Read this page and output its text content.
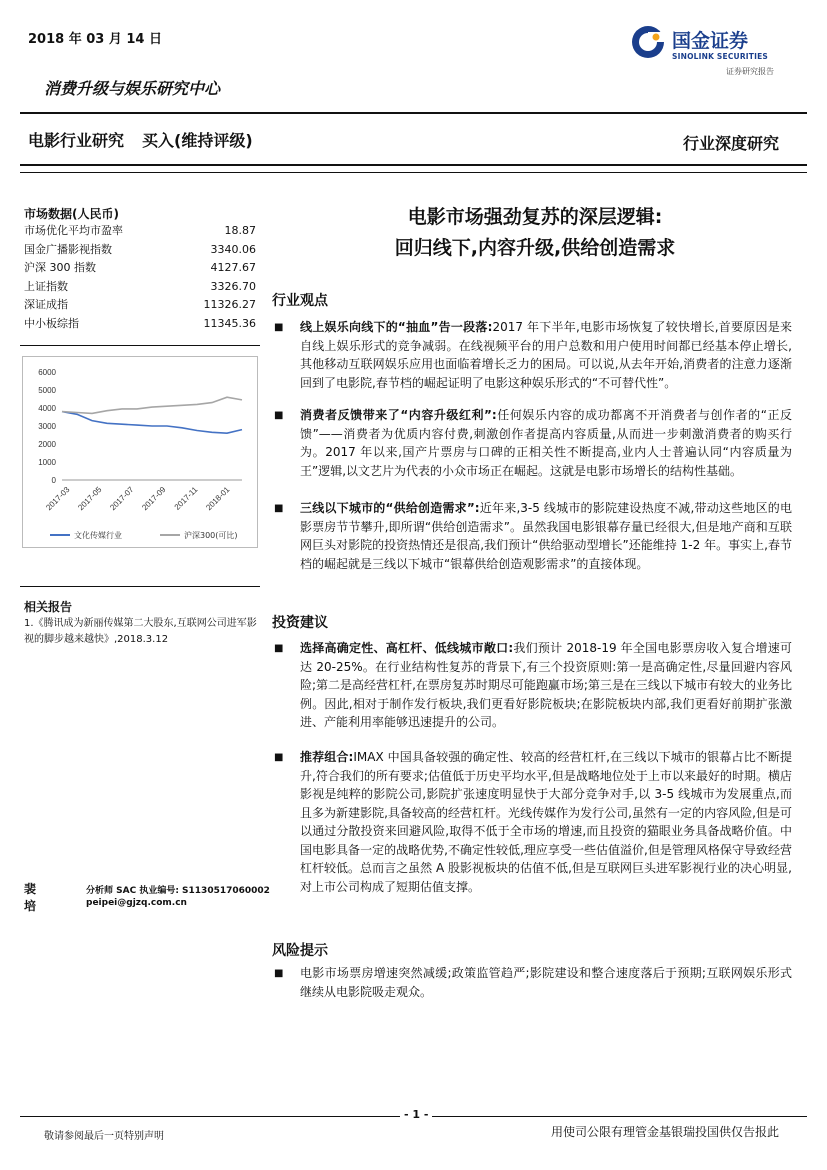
2018 年 03 月 14 日	国金证券
SINOLINK SECURITIES
证券研究报告
消费升级与娱乐研究中心
电影行业研究 买入(维持评级)	行业深度研究
市场数据(人民币)
市场优化平均市盈率	18.87
国金广播影视指数	3340.06
沪深 300 指数	4127.67
上证指数	3326.70
深证成指	11326.27
中小板综指	11345.36
0
1000
2000
3000
4000
5000
6000
2017-03 2017-05 2017-07 2017-09 2017-11 2018-01
文化传媒行业	沪深300(可比)
相关报告
1.《腾讯成为新丽传媒第二大股东,互联网公司进军影视的脚步越来越快》,2018.3.12
裴培
分析师 SAC 执业编号: S1130517060002
peipei@gjzq.com.cn
电影市场强劲复苏的深层逻辑:
回归线下,内容升级,供给创造需求
行业观点
■ 线上娱乐向线下的“抽血”告一段落:2017 年下半年,电影市场恢复了较快增长,首要原因是来自线上娱乐形式的竞争减弱。在线视频平台的用户总数和用户使用时间都已经基本停止增长,其他移动互联网娱乐应用也面临着增长乏力的困局。可以说,从去年开始,消费者的注意力逐渐回到了电影院,春节档的崛起证明了电影这种娱乐形式的“不可替代性”。
■ 消费者反馈带来了“内容升级红利”:任何娱乐内容的成功都离不开消费者与创作者的“正反馈”——消费者为优质内容付费,刺激创作者提高内容质量,从而进一步刺激消费者的购买行为。2017 年以来,国产片票房与口碑的正相关性不断提高,业内人士普遍认同“内容质量为王”逻辑,以文艺片为代表的小众市场正在崛起。这就是电影市场增长的结构性基础。
■ 三线以下城市的“供给创造需求”:近年来,3-5 线城市的影院建设热度不减,带动这些地区的电影票房节节攀升,即所谓“供给创造需求”。虽然我国电影银幕存量已经很大,但是地产商和互联网巨头对影院的投资热情还是很高,我们预计“供给驱动型增长”还能维持 1-2 年。事实上,春节档的崛起就是三线以下城市“银幕供给创造观影需求”的直接体现。
投资建议
■ 选择高确定性、高杠杆、低线城市敞口:我们预计 2018-19 年全国电影票房收入复合增速可达 20-25%。在行业结构性复苏的背景下,有三个投资原则:第一是高确定性,尽量回避内容风险;第二是高经营杠杆,在票房复苏时期尽可能跑赢市场;第三是在三线以下城市有较大的业务比例。因此,相对于制作发行板块,我们更看好影院板块;在影院板块内部,我们更看好前期扩张激进、产能利用率能够迅速提升的公司。
■ 推荐组合:IMAX 中国具备较强的确定性、较高的经营杠杆,在三线以下城市的银幕占比不断提升,符合我们的所有要求;估值低于历史平均水平,但是战略地位处于上市以来最好的时期。横店影视是纯粹的影院公司,影院扩张速度明显快于大部分竞争对手,以 3-5 线城市为发展重点,而且多为新建影院,具备较高的经营杠杆。光线传媒作为发行公司,虽然有一定的内容风险,但是可以通过分散投资来回避风险,取得不低于全市场的增速,而且投资的猫眼业务具备战略价值。中国电影具备一定的战略优势,不确定性较低,理应享受一些估值溢价,但是管理风格保守导致经营杠杆较低。总而言之虽然 A 股影视板块的估值不低,但是互联网巨头进军影视行业的决心明显,对上市公司构成了短期估值支撑。
风险提示
■ 电影市场票房增速突然减缓;政策监管趋严;影院建设和整合速度落后于预期;互联网娱乐形式继续从电影院吸走观众。
- 1 -
敬请参阅最后一页特别声明	用使司公限有理管金基银瑞投国供仅告报此
